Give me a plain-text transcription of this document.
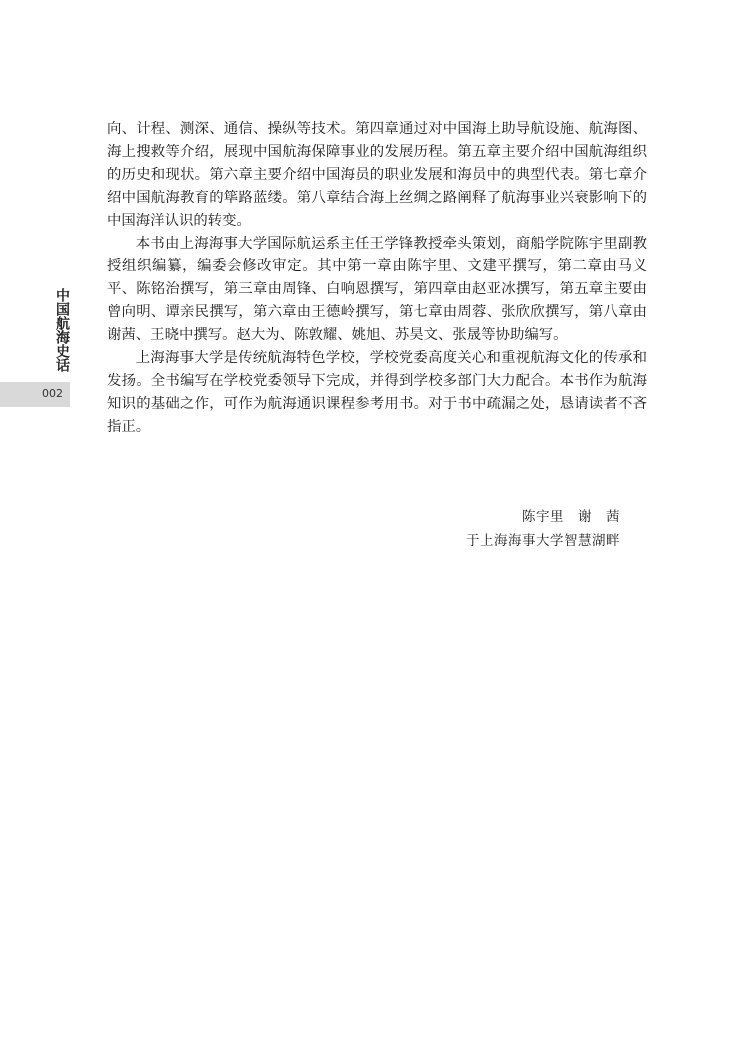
中国航海史话
002

向、计程、测深、通信、操纵等技术。第四章通过对中国海上助导航设施、航海图、海上搜救等介绍，展现中国航海保障事业的发展历程。第五章主要介绍中国航海组织的历史和现状。第六章主要介绍中国海员的职业发展和海员中的典型代表。第七章介绍中国航海教育的筚路蓝缕。第八章结合海上丝绸之路阐释了航海事业兴衰影响下的中国海洋认识的转变。

本书由上海海事大学国际航运系主任王学锋教授牵头策划，商船学院陈宇里副教授组织编纂，编委会修改审定。其中第一章由陈宇里、文建平撰写，第二章由马义平、陈铭治撰写，第三章由周锋、白响恩撰写，第四章由赵亚冰撰写，第五章主要由曾向明、谭亲民撰写，第六章由王德岭撰写，第七章由周蓉、张欣欣撰写，第八章由谢茜、王晓中撰写。赵大为、陈敦耀、姚旭、苏昊文、张晟等协助编写。

上海海事大学是传统航海特色学校，学校党委高度关心和重视航海文化的传承和发扬。全书编写在学校党委领导下完成，并得到学校多部门大力配合。本书作为航海知识的基础之作，可作为航海通识课程参考用书。对于书中疏漏之处，恳请读者不吝指正。

陈宇里　谢　茜
于上海海事大学智慧湖畔
